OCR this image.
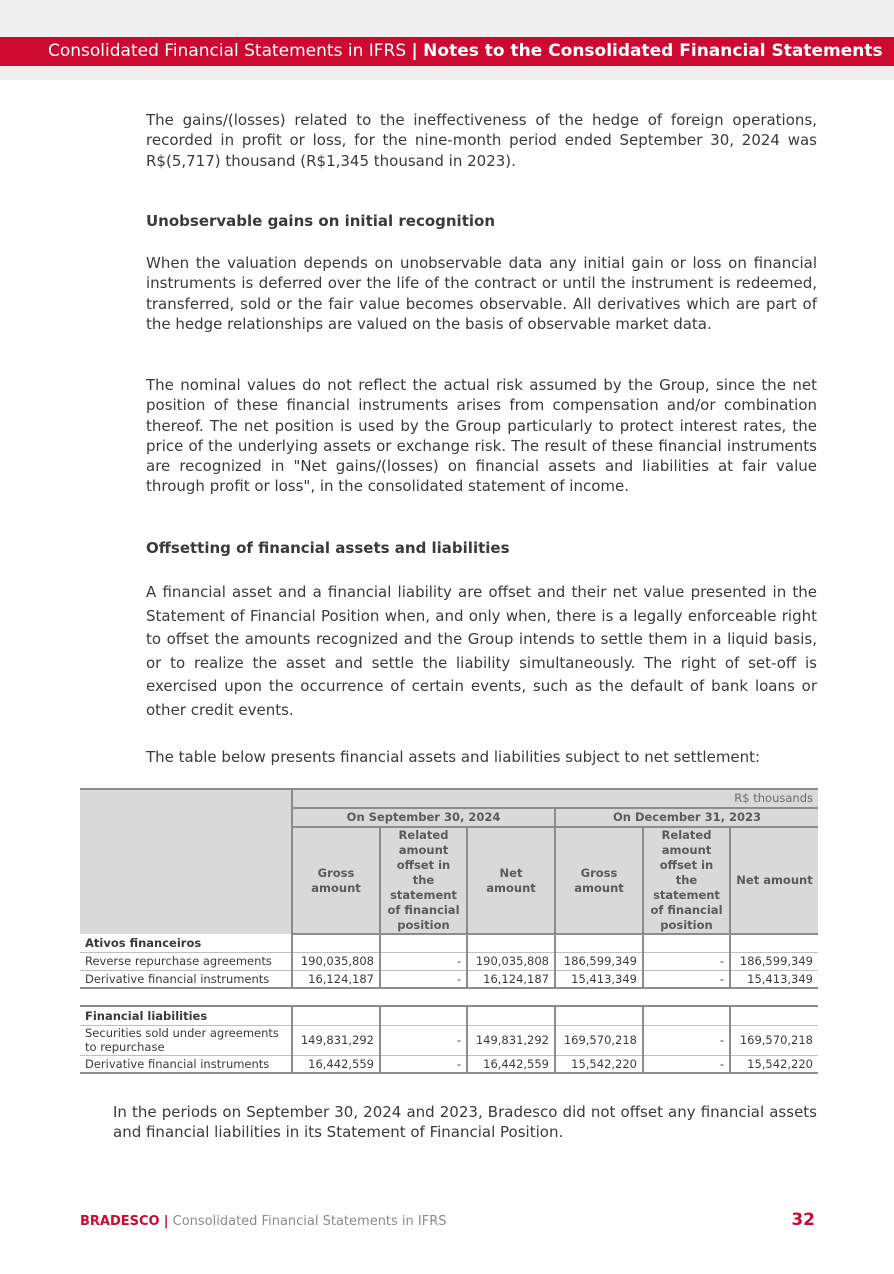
Consolidated Financial Statements in IFRS | Notes to the Consolidated Financial Statements

The gains/(losses) related to the ineffectiveness of the hedge of foreign operations, recorded in profit or loss, for the nine-month period ended September 30, 2024 was R$(5,717) thousand (R$1,345 thousand in 2023).

Unobservable gains on initial recognition

When the valuation depends on unobservable data any initial gain or loss on financial instruments is deferred over the life of the contract or until the instrument is redeemed, transferred, sold or the fair value becomes observable. All derivatives which are part of the hedge relationships are valued on the basis of observable market data.

The nominal values do not reflect the actual risk assumed by the Group, since the net position of these financial instruments arises from compensation and/or combination thereof. The net position is used by the Group particularly to protect interest rates, the price of the underlying assets or exchange risk. The result of these financial instruments are recognized in "Net gains/(losses) on financial assets and liabilities at fair value through profit or loss", in the consolidated statement of income.

Offsetting of financial assets and liabilities

A financial asset and a financial liability are offset and their net value presented in the Statement of Financial Position when, and only when, there is a legally enforceable right to offset the amounts recognized and the Group intends to settle them in a liquid basis, or to realize the asset and settle the liability simultaneously. The right of set-off is exercised upon the occurrence of certain events, such as the default of bank loans or other credit events.

The table below presents financial assets and liabilities subject to net settlement:

	R$ thousands					
	On September 30, 2024			On December 31, 2023		
	Gross amount	Related amount offset in the statement of financial position	Net amount	Gross amount	Related amount offset in the statement of financial position	Net amount
Ativos financeiros						
Reverse repurchase agreements	190,035,808	-	190,035,808	186,599,349	-	186,599,349
Derivative financial instruments	16,124,187	-	16,124,187	15,413,349	-	15,413,349

Financial liabilities						
Securities sold under agreements to repurchase	149,831,292	-	149,831,292	169,570,218	-	169,570,218
Derivative financial instruments	16,442,559	-	16,442,559	15,542,220	-	15,542,220

In the periods on September 30, 2024 and 2023, Bradesco did not offset any financial assets and financial liabilities in its Statement of Financial Position.

BRADESCO | Consolidated Financial Statements in IFRS	32
